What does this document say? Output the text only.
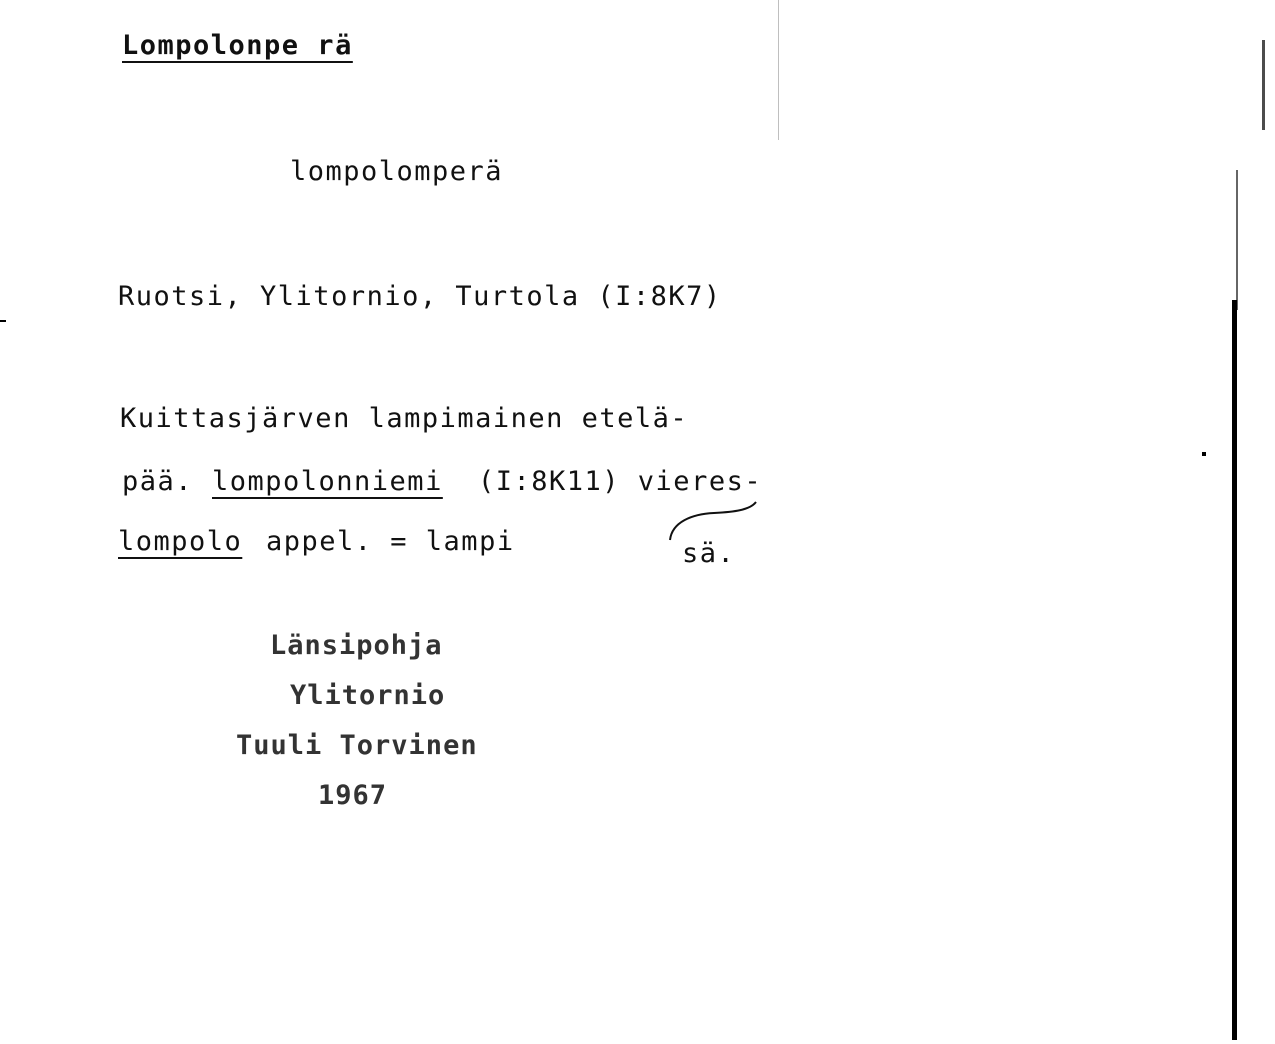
Lompolonpe rä
lompolomperä
Ruotsi, Ylitornio, Turtola (I:8K7)
Kuittasjärven lampimainen etelä-
pää. lompolonniemi (I:8K11) vieres-
lompolo appel. = lampi	sä.
Länsipohja
Ylitornio
Tuuli Torvinen
1967
